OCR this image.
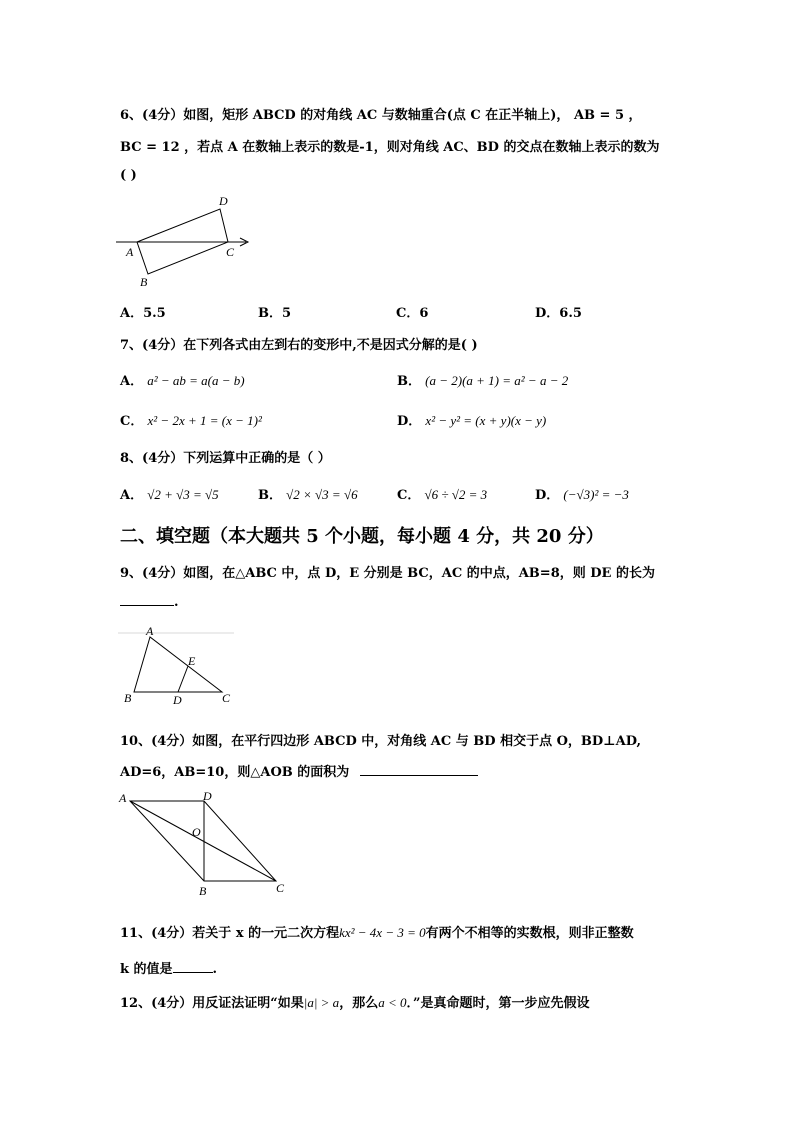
6、(4分）如图，矩形 ABCD 的对角线 AC 与数轴重合(点 C 在正半轴上)， AB = 5 ，
BC = 12 ，若点 A 在数轴上表示的数是-1，则对角线 AC、BD 的交点在数轴上表示的数为
( )
D
A	C
B
A．5.5	B．5	C．6	D．6.5
7、(4分）在下列各式由左到右的变形中,不是因式分解的是( )
A． a² − ab = a(a − b)	B． (a − 2)(a + 1) = a² − a − 2
C． x² − 2x + 1 = (x − 1)²	D． x² − y² = (x + y)(x − y)
8、(4分）下列运算中正确的是（ ）
A． √2 + √3 = √5	B． √2 × √3 = √6	C． √6 ÷ √2 = 3	D． (−√3)² = −3
二、填空题（本大题共 5 个小题，每小题 4 分，共 20 分）
9、(4分）如图，在△ABC 中，点 D，E 分别是 BC，AC 的中点，AB=8，则 DE 的长为
.
A
E
B	D	C
10、(4分）如图，在平行四边形 ABCD 中，对角线 AC 与 BD 相交于点 O，BD⊥AD,
AD=6，AB=10，则△AOB 的面积为
A	D
O
B	C
11、(4分）若关于 x 的一元二次方程kx² − 4x − 3 = 0有两个不相等的实数根，则非正整数
k 的值是	.
12、(4分）用反证法证明“如果|a| > a，那么a < 0．”是真命题时，第一步应先假设
